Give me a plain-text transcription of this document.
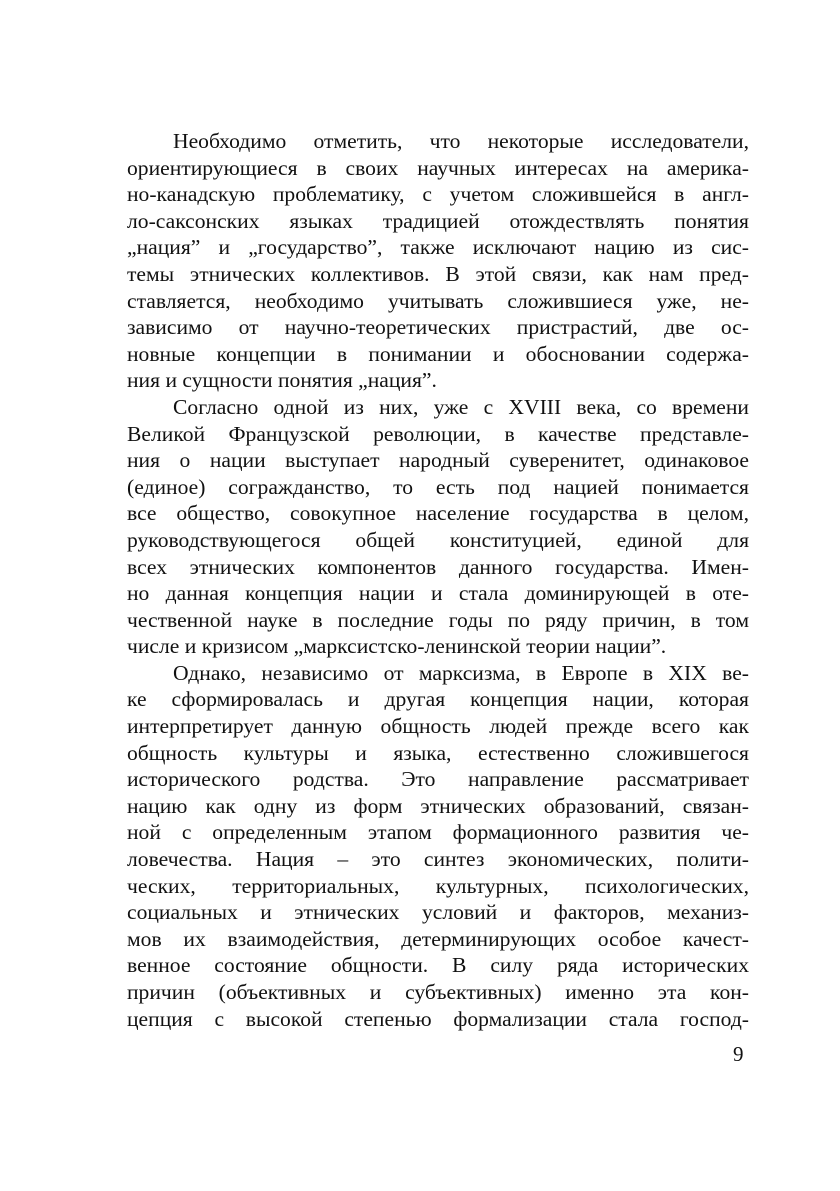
Необходимо отметить, что некоторые исследователи,
ориентирующиеся в своих научных интересах на америка-
но-канадскую проблематику, с учетом сложившейся в англ-
ло-саксонских языках традицией отождествлять понятия
„нация” и „государство”, также исключают нацию из сис-
темы этнических коллективов. В этой связи, как нам пред-
ставляется, необходимо учитывать сложившиеся уже, не-
зависимо от научно-теоретических пристрастий, две ос-
новные концепции в понимании и обосновании содержа-
ния и сущности понятия „нация”.
Согласно одной из них, уже с XVIII века, со времени
Великой Французской революции, в качестве представле-
ния о нации выступает народный суверенитет, одинаковое
(единое) согражданство, то есть под нацией понимается
все общество, совокупное население государства в целом,
руководствующегося общей конституцией, единой для
всех этнических компонентов данного государства. Имен-
но данная концепция нации и стала доминирующей в оте-
чественной науке в последние годы по ряду причин, в том
числе и кризисом „марксистско-ленинской теории нации”.
Однако, независимо от марксизма, в Европе в XIX ве-
ке сформировалась и другая концепция нации, которая
интерпретирует данную общность людей прежде всего как
общность культуры и языка, естественно сложившегося
исторического родства. Это направление рассматривает
нацию как одну из форм этнических образований, связан-
ной с определенным этапом формационного развития че-
ловечества. Нация – это синтез экономических, полити-
ческих, территориальных, культурных, психологических,
социальных и этнических условий и факторов, механиз-
мов их взаимодействия, детерминирующих особое качест-
венное состояние общности. В силу ряда исторических
причин (объективных и субъективных) именно эта кон-
цепция с высокой степенью формализации стала господ-
9
